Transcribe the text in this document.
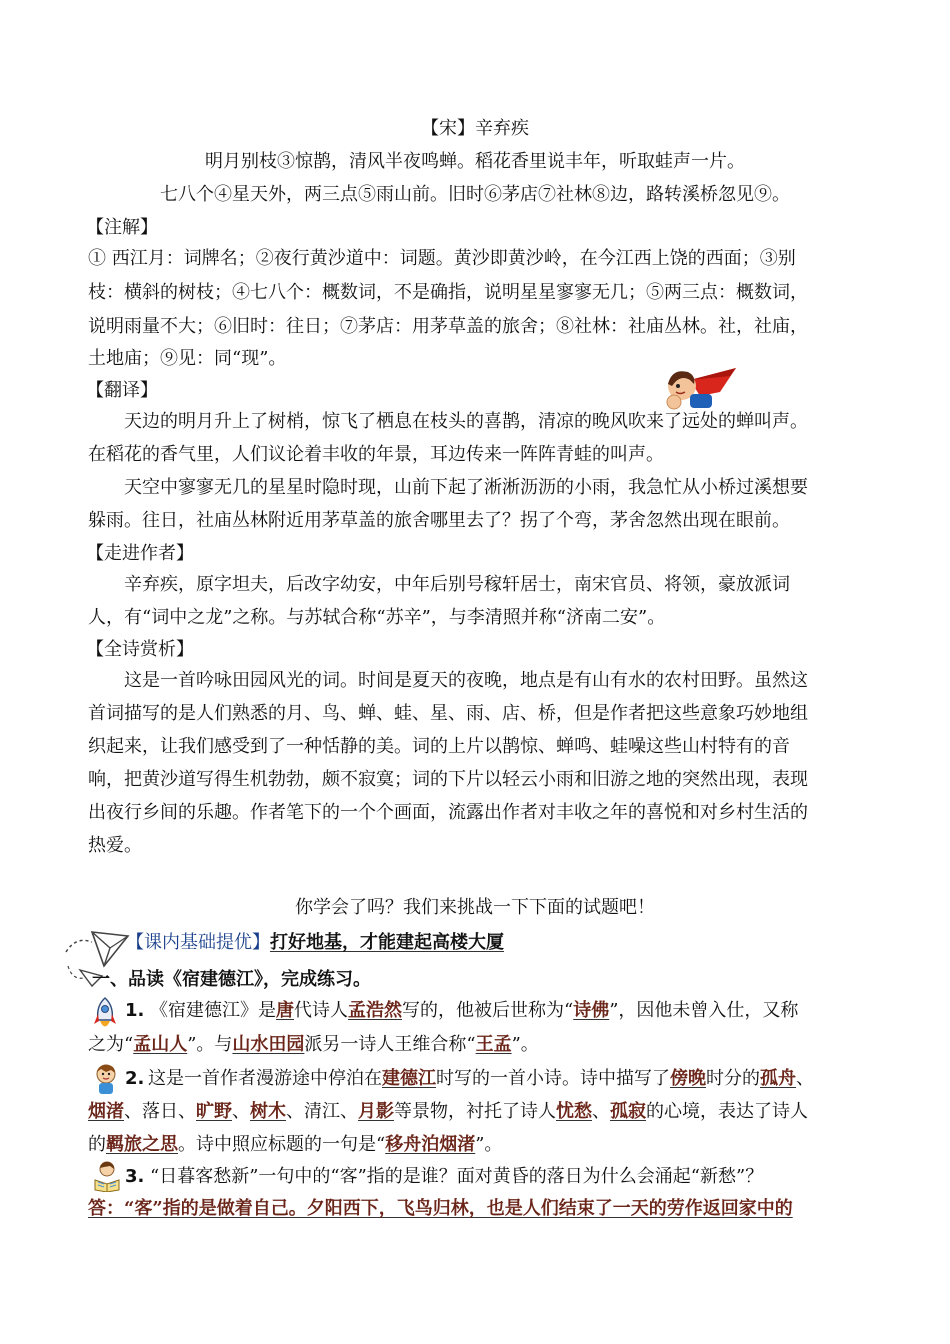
【宋】辛弃疾
明月别枝③惊鹊，清风半夜鸣蝉。稻花香里说丰年，听取蛙声一片。
七八个④星天外，两三点⑤雨山前。旧时⑥茅店⑦社林⑧边，路转溪桥忽见⑨。
【注解】
① 西江月：词牌名；②夜行黄沙道中：词题。黄沙即黄沙岭，在今江西上饶的西面；③别
枝：横斜的树枝；④七八个：概数词，不是确指，说明星星寥寥无几；⑤两三点：概数词，
说明雨量不大；⑥旧时：往日；⑦茅店：用茅草盖的旅舍；⑧社林：社庙丛林。社，社庙，
土地庙；⑨见：同“现”。
【翻译】
天边的明月升上了树梢，惊飞了栖息在枝头的喜鹊，清凉的晚风吹来了远处的蝉叫声。
在稻花的香气里，人们议论着丰收的年景，耳边传来一阵阵青蛙的叫声。
天空中寥寥无几的星星时隐时现，山前下起了淅淅沥沥的小雨，我急忙从小桥过溪想要
躲雨。往日，社庙丛林附近用茅草盖的旅舍哪里去了？拐了个弯，茅舍忽然出现在眼前。
【走进作者】
辛弃疾，原字坦夫，后改字幼安，中年后别号稼轩居士，南宋官员、将领，豪放派词
人，有“词中之龙”之称。与苏轼合称“苏辛”，与李清照并称“济南二安”。
【全诗赏析】
这是一首吟咏田园风光的词。时间是夏天的夜晚，地点是有山有水的农村田野。虽然这
首词描写的是人们熟悉的月、鸟、蝉、蛙、星、雨、店、桥，但是作者把这些意象巧妙地组
织起来，让我们感受到了一种恬静的美。词的上片以鹊惊、蝉鸣、蛙噪这些山村特有的音
响，把黄沙道写得生机勃勃，颇不寂寞；词的下片以轻云小雨和旧游之地的突然出现，表现
出夜行乡间的乐趣。作者笔下的一个个画面，流露出作者对丰收之年的喜悦和对乡村生活的
热爱。
你学会了吗？我们来挑战一下下面的试题吧！
【课内基础提优】打好地基，才能建起高楼大厦
一、品读《宿建德江》，完成练习。
1. 《宿建德江》是唐代诗人孟浩然写的，他被后世称为“诗佛”，因他未曾入仕，又称
之为“孟山人”。与山水田园派另一诗人王维合称“王孟”。
2. 这是一首作者漫游途中停泊在建德江时写的一首小诗。诗中描写了傍晚时分的孤舟、
烟渚、落日、旷野、树木、清江、月影等景物，衬托了诗人忧愁、孤寂的心境，表达了诗人
的羁旅之思。诗中照应标题的一句是“移舟泊烟渚”。
3. “日暮客愁新”一句中的“客”指的是谁？面对黄昏的落日为什么会涌起“新愁”？
答：“客”指的是做着自己。夕阳西下，飞鸟归林，也是人们结束了一天的劳作返回家中的
